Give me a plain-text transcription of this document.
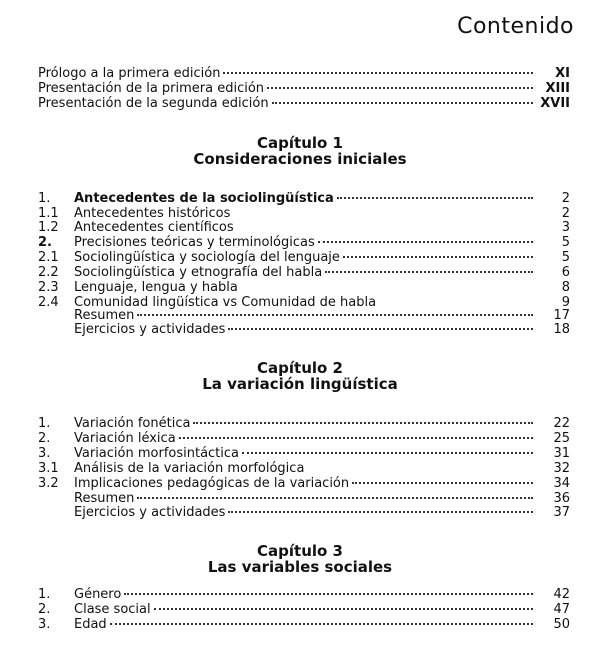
Contenido
Prólogo a la primera edición	XI
Presentación de la primera edición	XIII
Presentación de la segunda edición	XVII
Capítulo 1
Consideraciones iniciales
1. Antecedentes de la sociolingüística	2
1.1 Antecedentes históricos	2
1.2 Antecedentes científicos	3
2. Precisiones teóricas y terminológicas	5
2.1 Sociolingüística y sociología del lenguaje	5
2.2 Sociolingüística y etnografía del habla	6
2.3 Lenguaje, lengua y habla	8
2.4 Comunidad lingüística vs Comunidad de habla	9
Resumen	17
Ejercicios y actividades	18
Capítulo 2
La variación lingüística
1. Variación fonética	22
2. Variación léxica	25
3. Variación morfosintáctica	31
3.1 Análisis de la variación morfológica	32
3.2 Implicaciones pedagógicas de la variación	34
Resumen	36
Ejercicios y actividades	37
Capítulo 3
Las variables sociales
1. Género	42
2. Clase social	47
3. Edad	50
